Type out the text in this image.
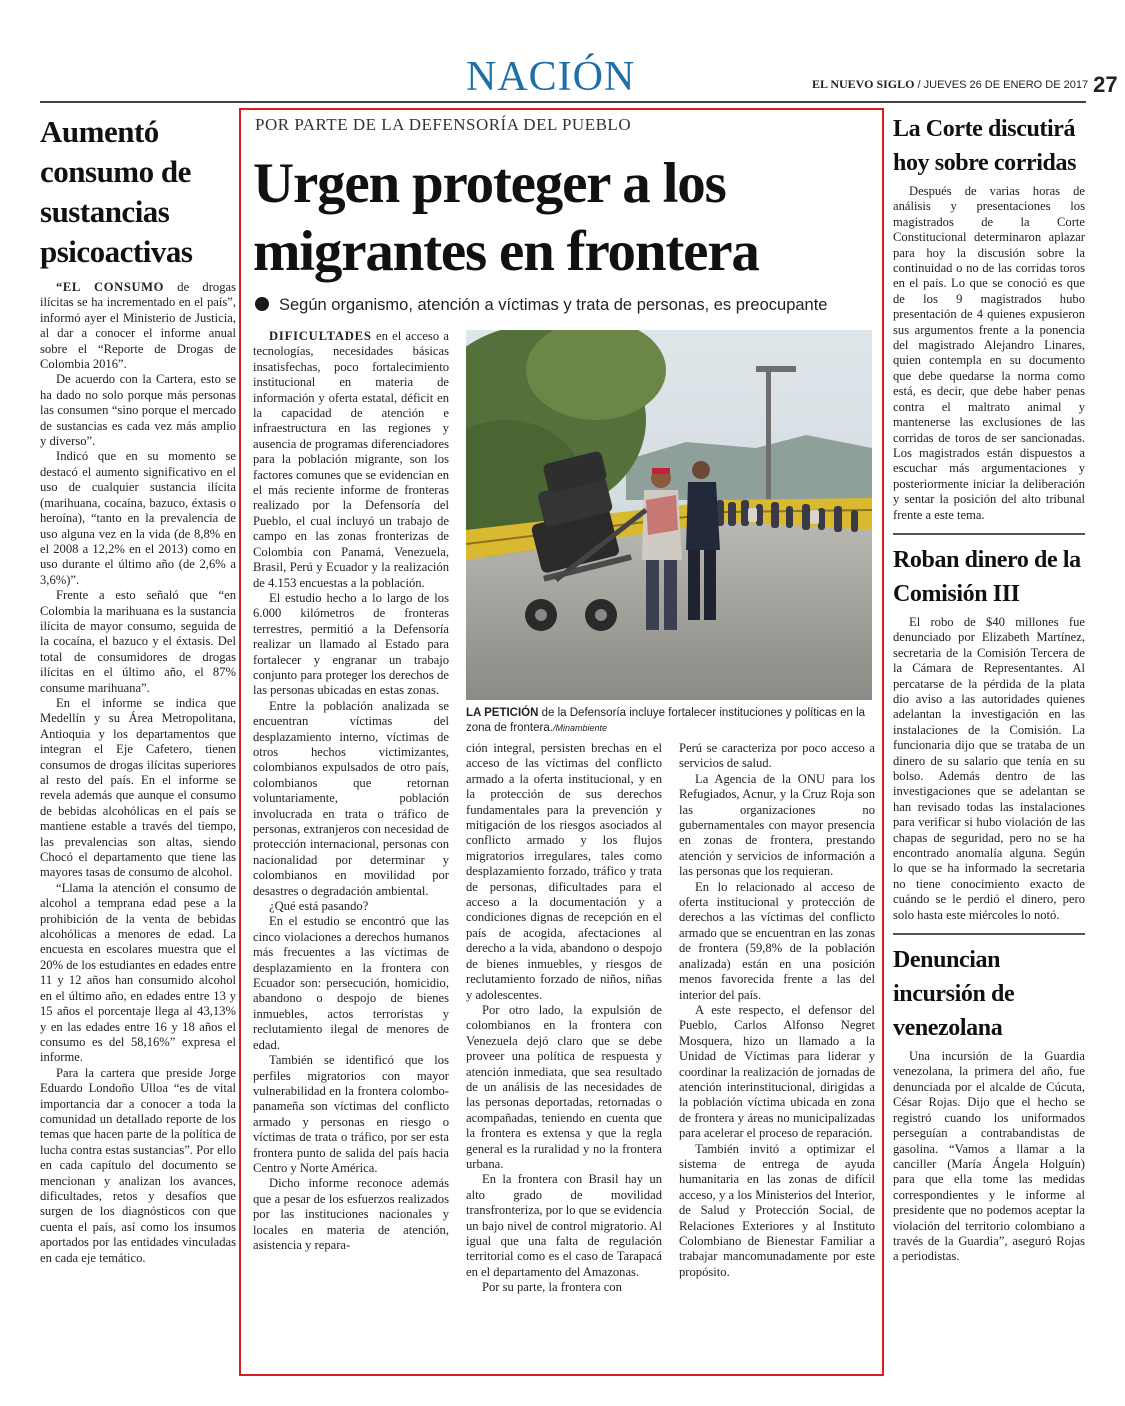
NACIÓN	EL NUEVO SIGLO / JUEVES 26 DE ENERO DE 2017 27
Aumentó consumo de sustancias psicoactivas

“EL CONSUMO de drogas ilícitas se ha incrementado en el país”, informó ayer el Ministerio de Justicia, al dar a conocer el informe anual sobre el “Reporte de Drogas de Colombia 2016”.

De acuerdo con la Cartera, esto se ha dado no solo porque más personas las consumen “sino porque el mercado de sustancias es cada vez más amplio y diverso”.

Indicó que en su momento se destacó el aumento significativo en el uso de cualquier sustancia ilícita (marihuana, cocaína, bazuco, éxtasis o heroína), “tanto en la prevalencia de uso alguna vez en la vida (de 8,8% en el 2008 a 12,2% en el 2013) como en uso durante el último año (de 2,6% a 3,6%)”.

Frente a esto señaló que “en Colombia la marihuana es la sustancia ilícita de mayor consumo, seguida de la cocaína, el bazuco y el éxtasis. Del total de consumidores de drogas ilícitas en el último año, el 87% consume marihuana”.

En el informe se indica que Medellín y su Área Metropolitana, Antioquia y los departamentos que integran el Eje Cafetero, tienen consumos de drogas ilícitas superiores al resto del país. En el informe se revela además que aunque el consumo de bebidas alcohólicas en el país se mantiene estable a través del tiempo, las prevalencias son altas, siendo Chocó el departamento que tiene las mayores tasas de consumo de alcohol.

“Llama la atención el consumo de alcohol a temprana edad pese a la prohibición de la venta de bebidas alcohólicas a menores de edad. La encuesta en escolares muestra que el 20% de los estudiantes en edades entre 11 y 12 años han consumido alcohol en el último año, en edades entre 13 y 15 años el porcentaje llega al 43,13% y en las edades entre 16 y 18 años el consumo es del 58,16%” expresa el informe.

Para la cartera que preside Jorge Eduardo Londoño Ulloa “es de vital importancia dar a conocer a toda la comunidad un detallado reporte de los temas que hacen parte de la política de lucha contra estas sustancias”. Por ello en cada capítulo del documento se mencionan y analizan los avances, dificultades, retos y desafíos que surgen de los diagnósticos con que cuenta el país, así como los insumos aportados por las entidades vinculadas en cada eje temático.

POR PARTE DE LA DEFENSORÍA DEL PUEBLO
Urgen proteger a los migrantes en frontera
Según organismo, atención a víctimas y trata de personas, es preocupante

DIFICULTADES en el acceso a tecnologías, necesidades básicas insatisfechas, poco fortalecimiento institucional en materia de información y oferta estatal, déficit en la capacidad de atención e infraestructura en las regiones y ausencia de programas diferenciadores para la población migrante, son los factores comunes que se evidencian en el más reciente informe de fronteras realizado por la Defensoría del Pueblo, el cual incluyó un trabajo de campo en las zonas fronterizas de Colombia con Panamá, Venezuela, Brasil, Perú y Ecuador y la realización de 4.153 encuestas a la población.

El estudio hecho a lo largo de los 6.000 kilómetros de fronteras terrestres, permitió a la Defensoría realizar un llamado al Estado para fortalecer y engranar un trabajo conjunto para proteger los derechos de las personas ubicadas en estas zonas.

Entre la población analizada se encuentran víctimas del desplazamiento interno, víctimas de otros hechos victimizantes, colombianos expulsados de otro país, colombianos que retornan voluntariamente, población involucrada en trata o tráfico de personas, extranjeros con necesidad de protección internacional, personas con nacionalidad por determinar y colombianos en movilidad por desastres o degradación ambiental.

¿Qué está pasando?

En el estudio se encontró que las cinco violaciones a derechos humanos más frecuentes a las víctimas de desplazamiento en la frontera con Ecuador son: persecución, homicidio, abandono o despojo de bienes inmuebles, actos terroristas y reclutamiento ilegal de menores de edad.

También se identificó que los perfiles migratorios con mayor vulnerabilidad en la frontera colombo-panameña son víctimas del conflicto armado y personas en riesgo o víctimas de trata o tráfico, por ser esta frontera punto de salida del país hacia Centro y Norte América.

Dicho informe reconoce además que a pesar de los esfuerzos realizados por las instituciones nacionales y locales en materia de atención, asistencia y repara-

LA PETICIÓN de la Defensoría incluye fortalecer instituciones y políticas en la zona de frontera./Minambiente

ción integral, persisten brechas en el acceso de las víctimas del conflicto armado a la oferta institucional, y en la protección de sus derechos fundamentales para la prevención y mitigación de los riesgos asociados al conflicto armado y los flujos migratorios irregulares, tales como desplazamiento forzado, tráfico y trata de personas, dificultades para el acceso a la documentación y a condiciones dignas de recepción en el país de acogida, afectaciones al derecho a la vida, abandono o despojo de bienes inmuebles, y riesgos de reclutamiento forzado de niños, niñas y adolescentes.

Por otro lado, la expulsión de colombianos en la frontera con Venezuela dejó claro que se debe proveer una política de respuesta y atención inmediata, que sea resultado de un análisis de las necesidades de las personas deportadas, retornadas o acompañadas, teniendo en cuenta que la frontera es extensa y que la regla general es la ruralidad y no la frontera urbana.

En la frontera con Brasil hay un alto grado de movilidad transfronteriza, por lo que se evidencia un bajo nivel de control migratorio. Al igual que una falta de regulación territorial como es el caso de Tarapacá en el departamento del Amazonas.

Por su parte, la frontera con

Perú se caracteriza por poco acceso a servicios de salud.

La Agencia de la ONU para los Refugiados, Acnur, y la Cruz Roja son las organizaciones no gubernamentales con mayor presencia en zonas de frontera, prestando atención y servicios de información a las personas que los requieran.

En lo relacionado al acceso de oferta institucional y protección de derechos a las víctimas del conflicto armado que se encuentran en las zonas de frontera (59,8% de la población analizada) están en una posición menos favorecida frente a las del interior del país.

A este respecto, el defensor del Pueblo, Carlos Alfonso Negret Mosquera, hizo un llamado a la Unidad de Víctimas para liderar y coordinar la realización de jornadas de atención interinstitucional, dirigidas a la población víctima ubicada en zona de frontera y áreas no municipalizadas para acelerar el proceso de reparación.

También invitó a optimizar el sistema de entrega de ayuda humanitaria en las zonas de difícil acceso, y a los Ministerios del Interior, de Salud y Protección Social, de Relaciones Exteriores y al Instituto Colombiano de Bienestar Familiar a trabajar mancomunadamente por este propósito.

La Corte discutirá hoy sobre corridas

Después de varias horas de análisis y presentaciones los magistrados de la Corte Constitucional determinaron aplazar para hoy la discusión sobre la continuidad o no de las corridas toros en el país. Lo que se conoció es que de los 9 magistrados hubo presentación de 4 quienes expusieron sus argumentos frente a la ponencia del magistrado Alejandro Linares, quien contempla en su documento que debe quedarse la norma como está, es decir, que debe haber penas contra el maltrato animal y mantenerse las exclusiones de las corridas de toros de ser sancionadas. Los magistrados están dispuestos a escuchar más argumentaciones y posteriormente iniciar la deliberación y sentar la posición del alto tribunal frente a este tema.

Roban dinero de la Comisión III

El robo de $40 millones fue denunciado por Elizabeth Martínez, secretaria de la Comisión Tercera de la Cámara de Representantes. Al percatarse de la pérdida de la plata dio aviso a las autoridades quienes adelantan la investigación en las instalaciones de la Comisión. La funcionaria dijo que se trataba de un dinero de su salario que tenía en su bolso. Además dentro de las investigaciones que se adelantan se han revisado todas las instalaciones para verificar si hubo violación de las chapas de seguridad, pero no se ha encontrado anomalía alguna. Según lo que se ha informado la secretaria no tiene conocimiento exacto de cuándo se le perdió el dinero, pero solo hasta este miércoles lo notó.

Denuncian incursión de venezolana

Una incursión de la Guardia venezolana, la primera del año, fue denunciada por el alcalde de Cúcuta, César Rojas. Dijo que el hecho se registró cuando los uniformados perseguían a contrabandistas de gasolina. “Vamos a llamar a la canciller (María Ángela Holguín) para que ella tome las medidas correspondientes y le informe al presidente que no podemos aceptar la violación del territorio colombiano a través de la Guardia”, aseguró Rojas a periodistas.
